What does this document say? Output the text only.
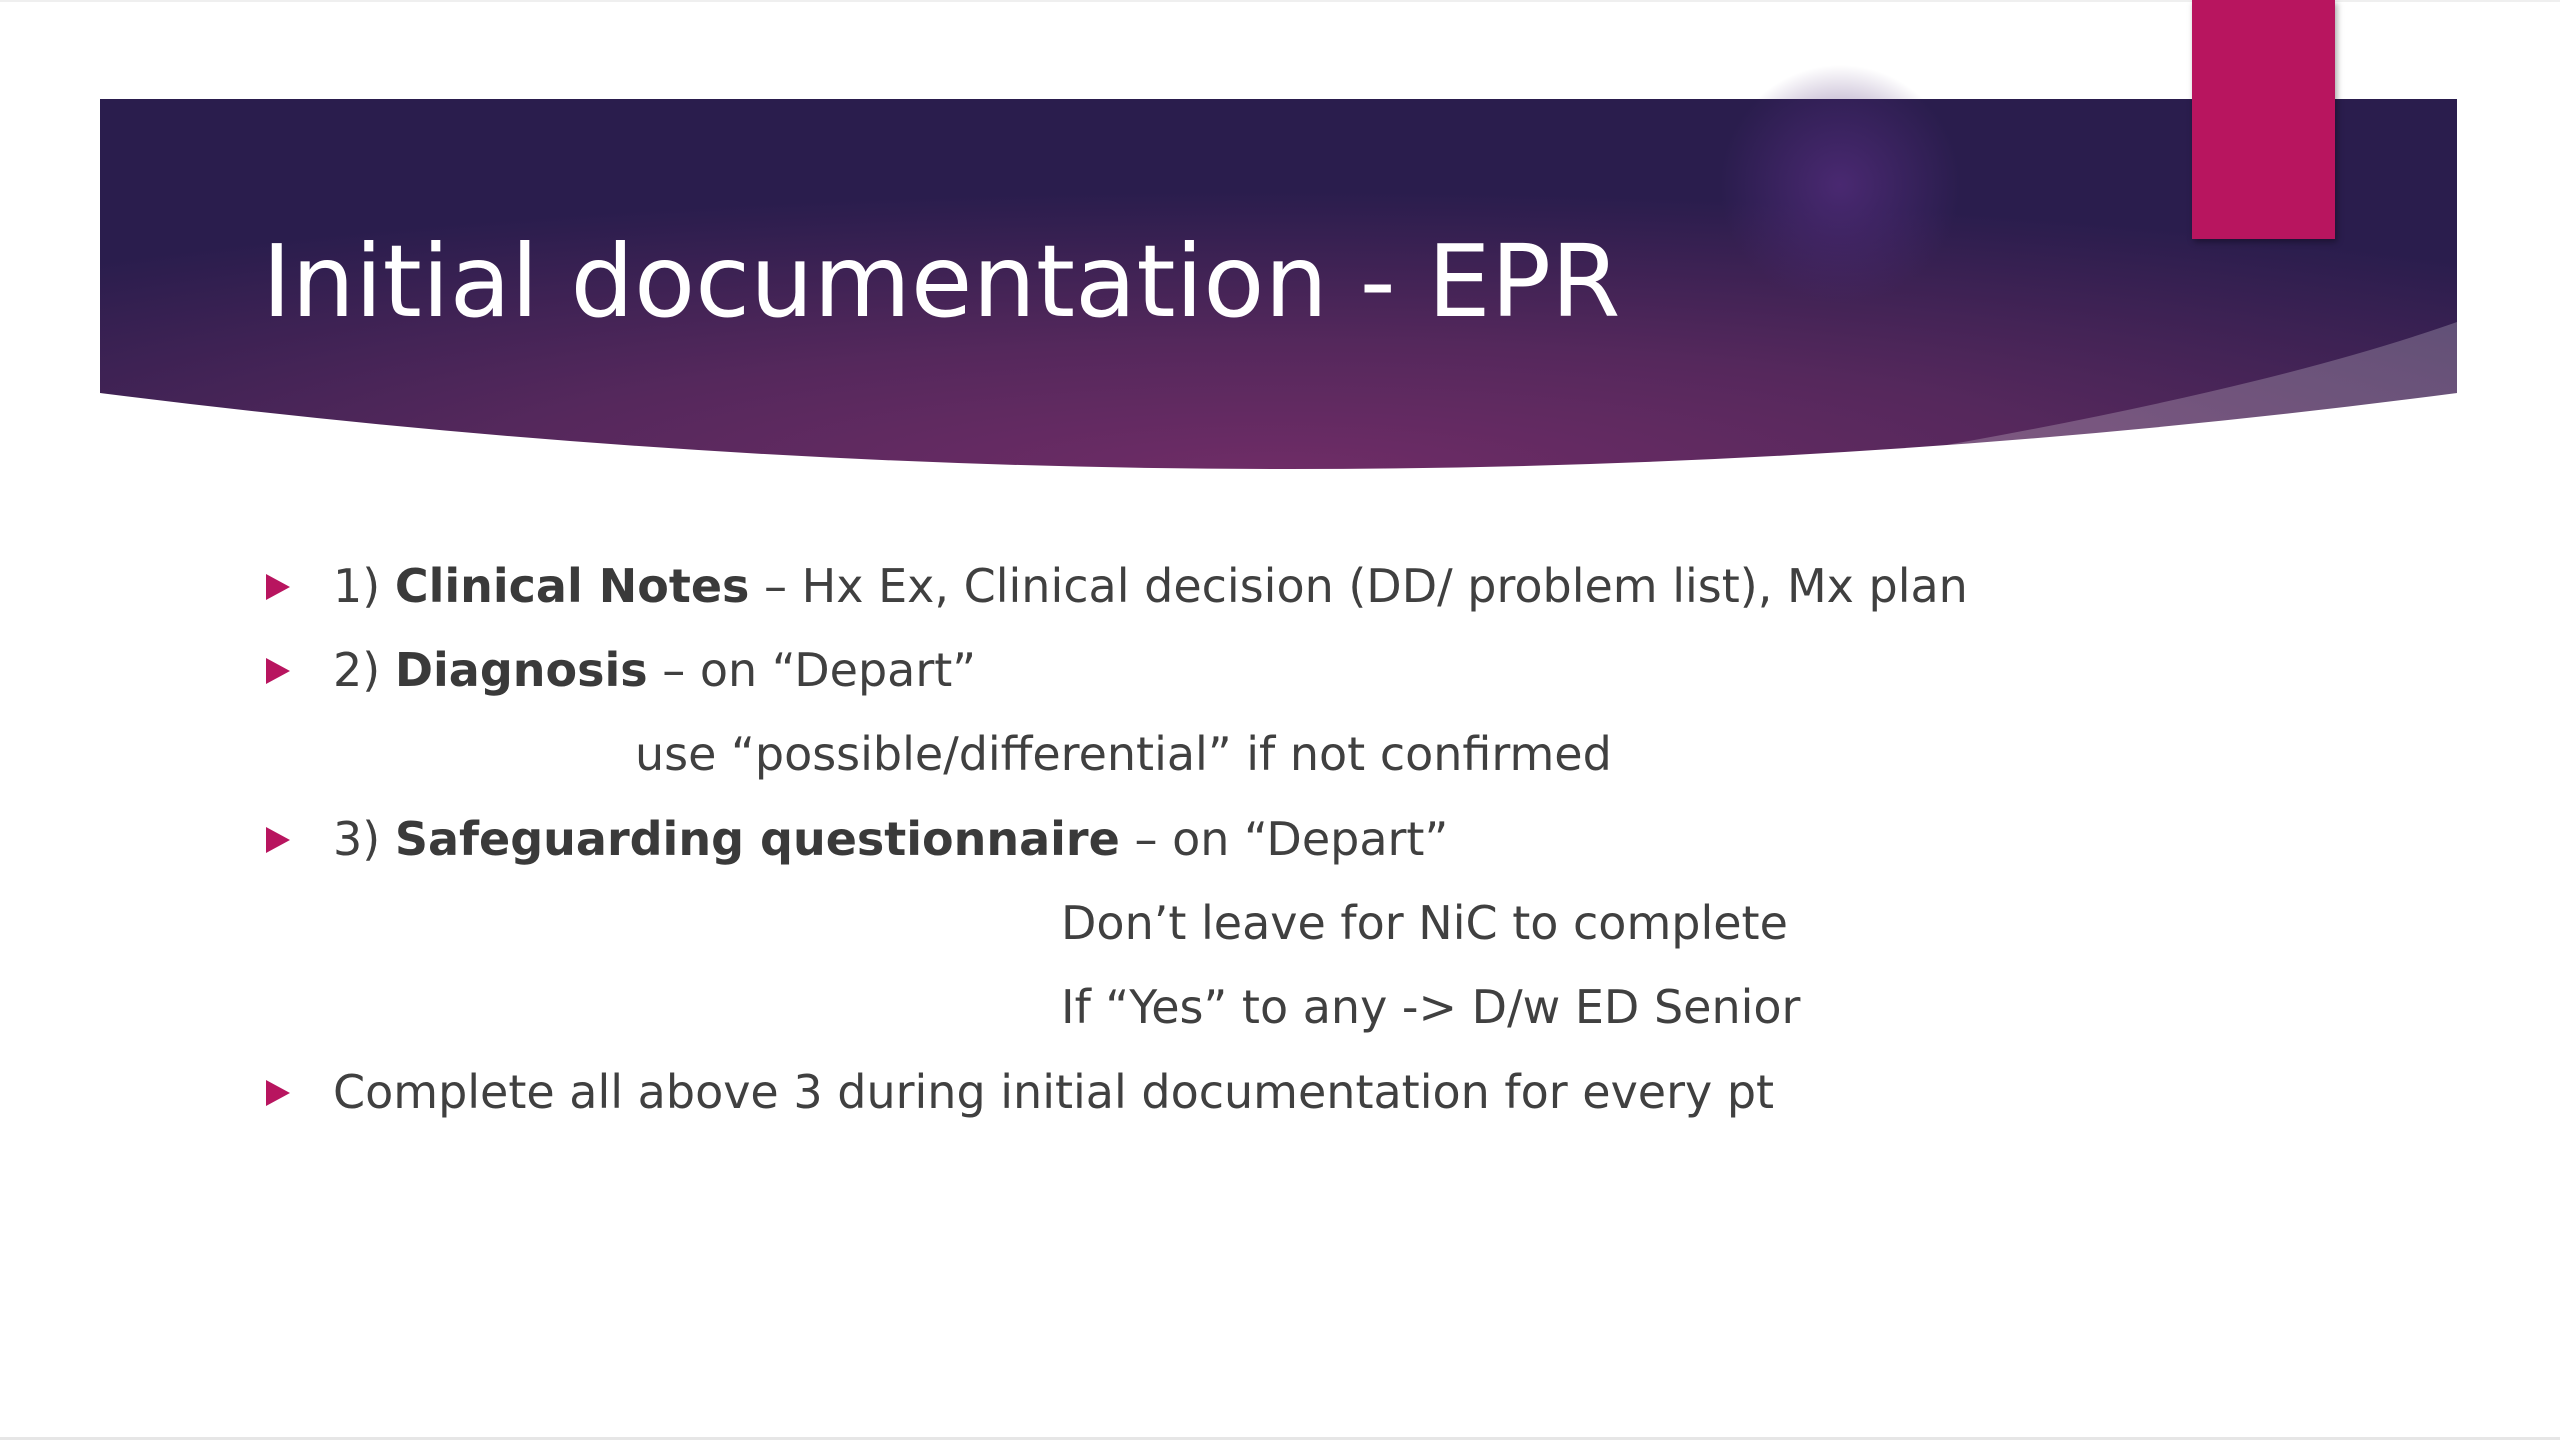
Initial documentation - EPR
1) Clinical Notes – Hx Ex, Clinical decision (DD/ problem list), Mx plan
2) Diagnosis – on “Depart”
use “possible/differential” if not confirmed
3) Safeguarding questionnaire – on “Depart”
Don’t leave for NiC to complete
If “Yes” to any -> D/w ED Senior
Complete all above 3 during initial documentation for every pt
